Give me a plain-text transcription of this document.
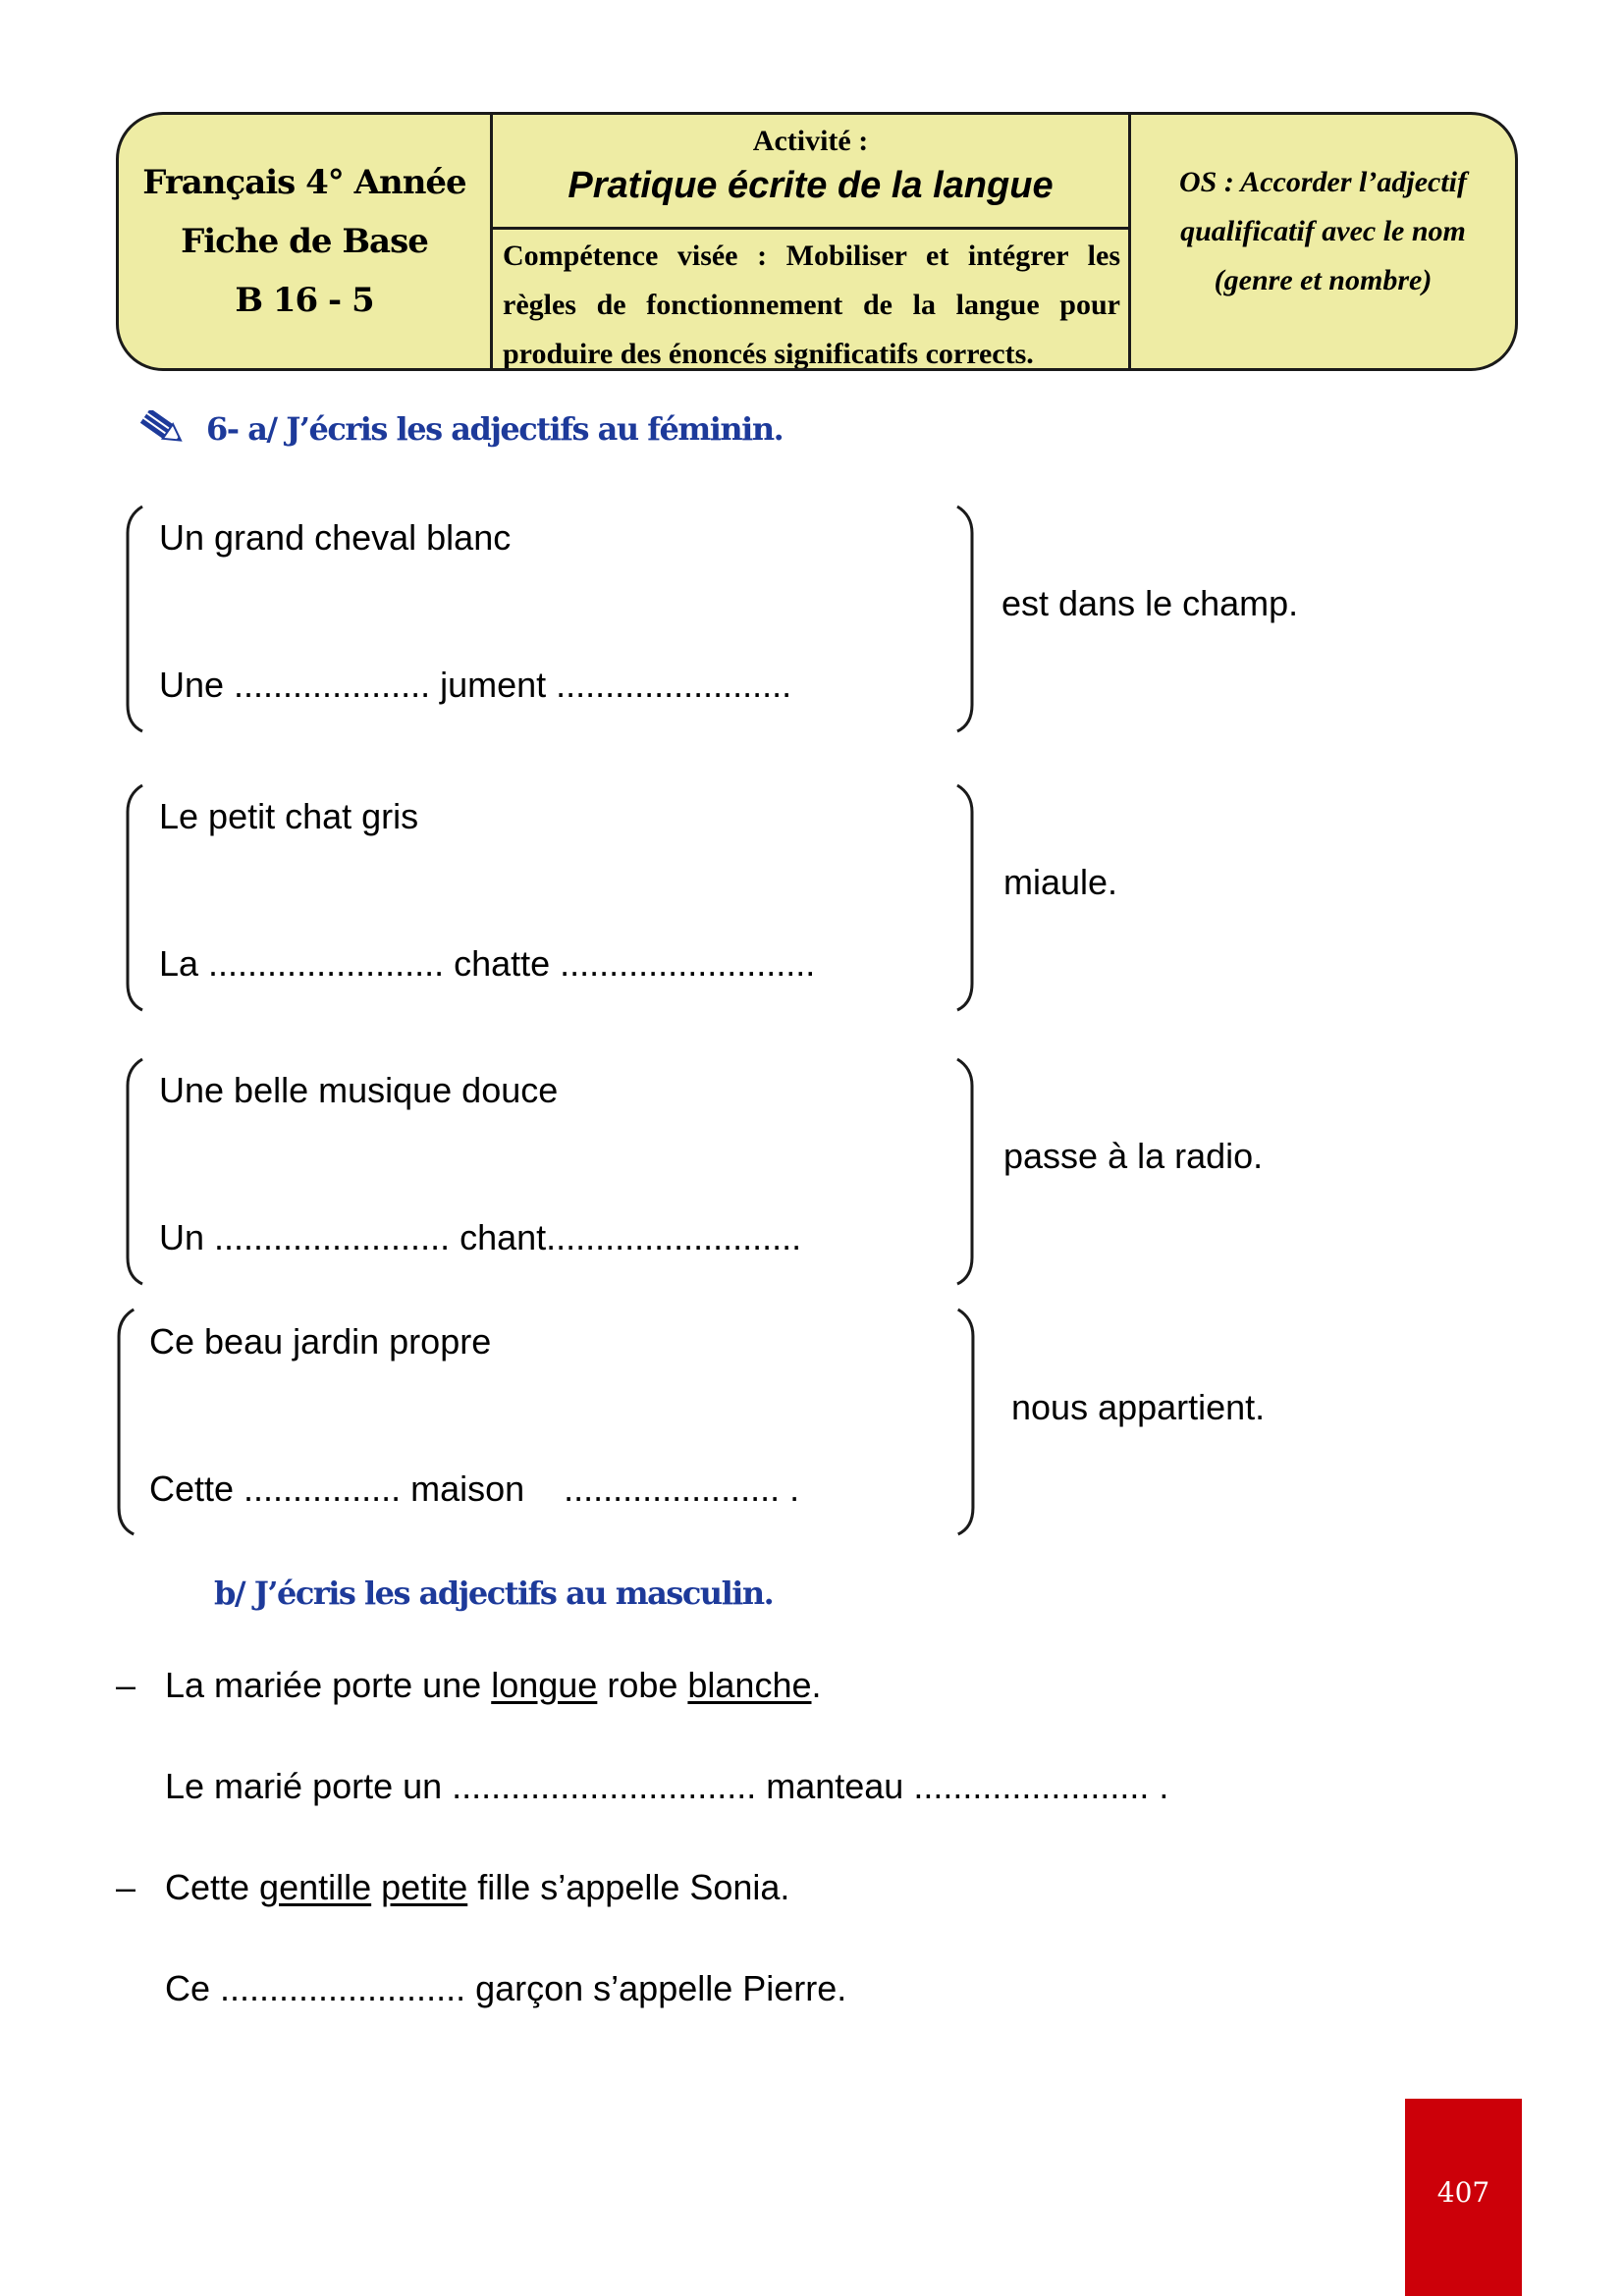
Français 4° Année
Fiche de Base
B 16 - 5
Activité :
Pratique écrite de la langue
Compétence visée : Mobiliser et intégrer les règles de fonctionnement de la langue pour produire des énoncés significatifs corrects.
OS : Accorder l’adjectif
qualificatif avec le nom
(genre et nombre)
6- a/ J’écris les adjectifs au féminin.
Un grand cheval blanc
Une .................... jument ........................
est dans le champ.
Le petit chat gris
La ........................ chatte ..........................
miaule.
Une belle musique douce
Un ........................ chant..........................
passe à la radio.
Ce beau jardin propre
Cette ................ maison    ...................... .
nous appartient.
b/ J’écris les adjectifs au masculin.
– La mariée porte une longue robe blanche.
Le marié porte un ............................... manteau ........................ .
– Cette gentille petite fille s’appelle Sonia.
Ce ......................... garçon s’appelle Pierre.
407
